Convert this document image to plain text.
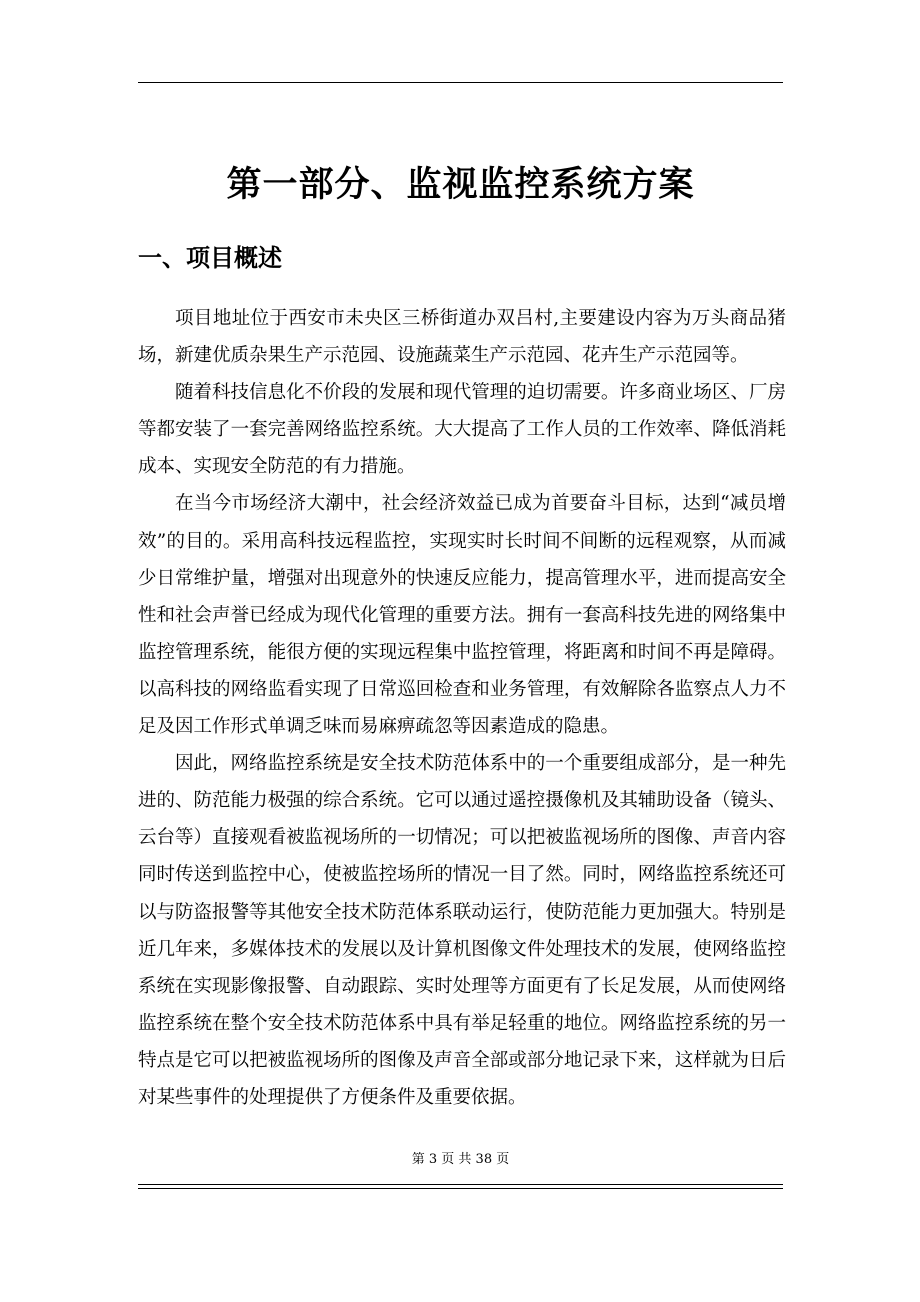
第一部分、监视监控系统方案
一、项目概述

项目地址位于西安市未央区三桥街道办双吕村,主要建设内容为万头商品猪场，新建优质杂果生产示范园、设施蔬菜生产示范园、花卉生产示范园等。

随着科技信息化不价段的发展和现代管理的迫切需要。许多商业场区、厂房等都安装了一套完善网络监控系统。大大提高了工作人员的工作效率、降低消耗成本、实现安全防范的有力措施。

在当今市场经济大潮中，社会经济效益已成为首要奋斗目标，达到“减员增效”的目的。采用高科技远程监控，实现实时长时间不间断的远程观察，从而减少日常维护量，增强对出现意外的快速反应能力，提高管理水平，进而提高安全性和社会声誉已经成为现代化管理的重要方法。拥有一套高科技先进的网络集中监控管理系统，能很方便的实现远程集中监控管理，将距离和时间不再是障碍。以高科技的网络监看实现了日常巡回检查和业务管理，有效解除各监察点人力不足及因工作形式单调乏味而易麻痹疏忽等因素造成的隐患。

因此，网络监控系统是安全技术防范体系中的一个重要组成部分，是一种先进的、防范能力极强的综合系统。它可以通过遥控摄像机及其辅助设备（镜头、云台等）直接观看被监视场所的一切情况；可以把被监视场所的图像、声音内容同时传送到监控中心，使被监控场所的情况一目了然。同时，网络监控系统还可以与防盗报警等其他安全技术防范体系联动运行，使防范能力更加强大。特别是近几年来，多媒体技术的发展以及计算机图像文件处理技术的发展，使网络监控系统在实现影像报警、自动跟踪、实时处理等方面更有了长足发展，从而使网络监控系统在整个安全技术防范体系中具有举足轻重的地位。网络监控系统的另一特点是它可以把被监视场所的图像及声音全部或部分地记录下来，这样就为日后对某些事件的处理提供了方便条件及重要依据。

第 3 页 共 38 页
